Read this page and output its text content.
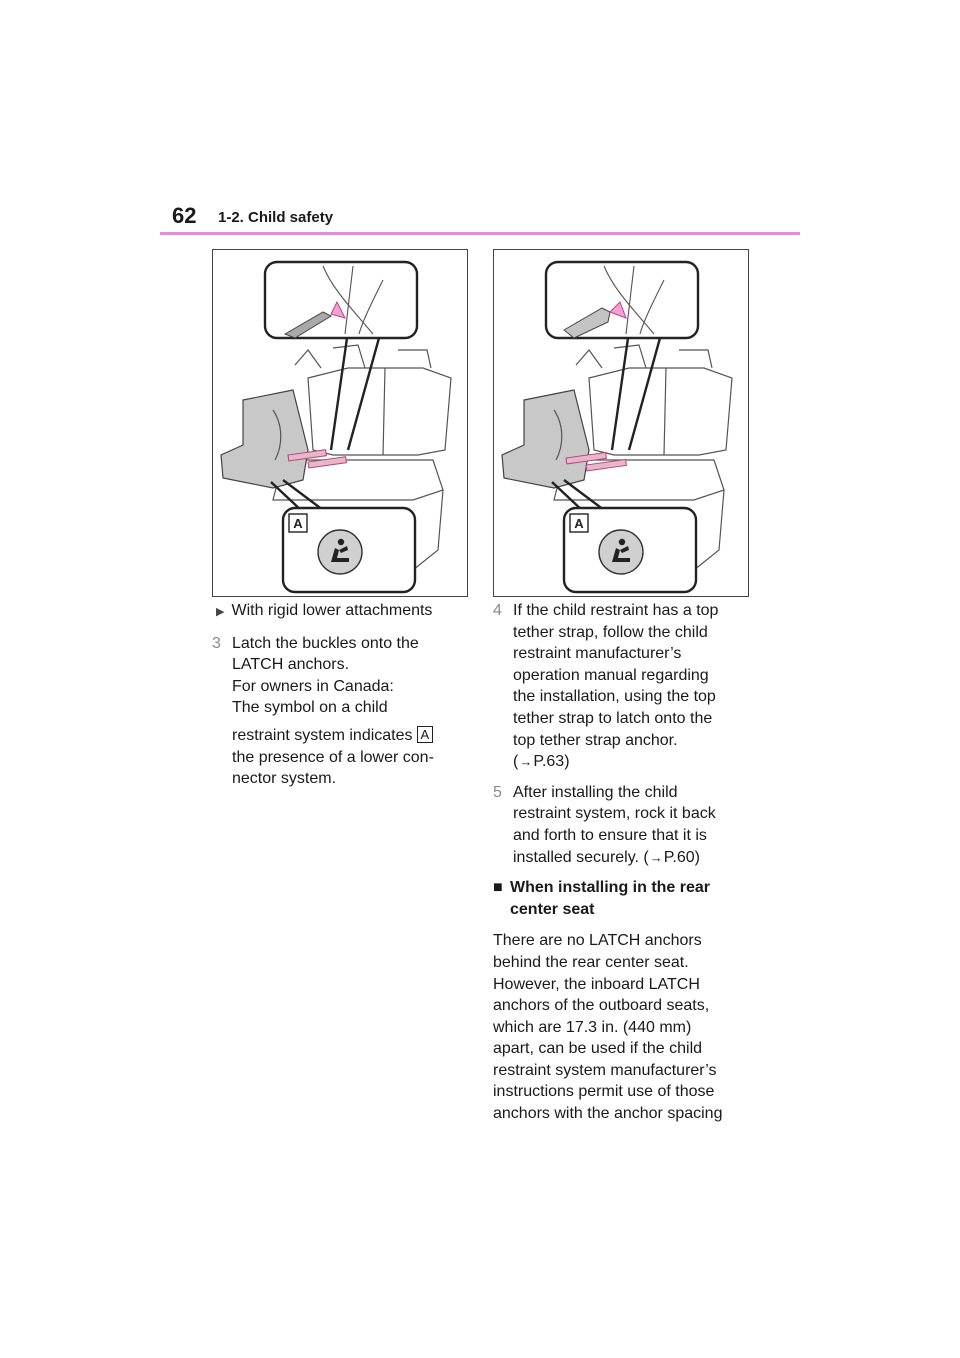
62 1-2. Child safety
A	A
▶ With rigid lower attachments
3 Latch the buckles onto the
LATCH anchors.
For owners in Canada:
The symbol on a child
restraint system indicates A
the presence of a lower con-
nector system.
4 If the child restraint has a top
tether strap, follow the child
restraint manufacturer’s
operation manual regarding
the installation, using the top
tether strap to latch onto the
top tether strap anchor.
(→P.63)
5 After installing the child
restraint system, rock it back
and forth to ensure that it is
installed securely. (→P.60)
■ When installing in the rear
center seat
There are no LATCH anchors
behind the rear center seat.
However, the inboard LATCH
anchors of the outboard seats,
which are 17.3 in. (440 mm)
apart, can be used if the child
restraint system manufacturer’s
instructions permit use of those
anchors with the anchor spacing
